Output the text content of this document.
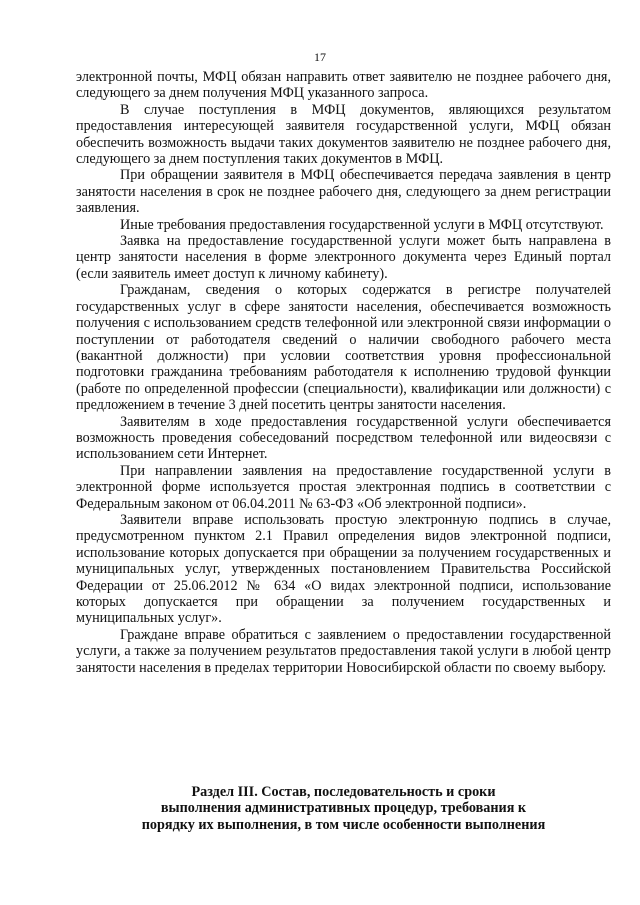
17

электронной почты, МФЦ обязан направить ответ заявителю не позднее рабочего дня, следующего за днем получения МФЦ указанного запроса.

В случае поступления в МФЦ документов, являющихся результатом предоставления интересующей заявителя государственной услуги, МФЦ обязан обеспечить возможность выдачи таких документов заявителю не позднее рабочего дня, следующего за днем поступления таких документов в МФЦ.

При обращении заявителя в МФЦ обеспечивается передача заявления в центр занятости населения в срок не позднее рабочего дня, следующего за днем регистрации заявления.

Иные требования предоставления государственной услуги в МФЦ отсутствуют.

Заявка на предоставление государственной услуги может быть направлена в центр занятости населения в форме электронного документа через Единый портал (если заявитель имеет доступ к личному кабинету).

Гражданам, сведения о которых содержатся в регистре получателей государственных услуг в сфере занятости населения, обеспечивается возможность получения с использованием средств телефонной или электронной связи информации о поступлении от работодателя сведений о наличии свободного рабочего места (вакантной должности) при условии соответствия уровня профессиональной подготовки гражданина требованиям работодателя к исполнению трудовой функции (работе по определенной профессии (специальности), квалификации или должности) с предложением в течение 3 дней посетить центры занятости населения.

Заявителям в ходе предоставления государственной услуги обеспечивается возможность проведения собеседований посредством телефонной или видеосвязи с использованием сети Интернет.

При направлении заявления на предоставление государственной услуги в электронной форме используется простая электронная подпись в соответствии с Федеральным законом от 06.04.2011 № 63-ФЗ «Об электронной подписи».

Заявители вправе использовать простую электронную подпись в случае, предусмотренном пунктом 2.1 Правил определения видов электронной подписи, использование которых допускается при обращении за получением государственных и муниципальных услуг, утвержденных постановлением Правительства Российской Федерации от 25.06.2012 № 634 «О видах электронной подписи, использование которых допускается при обращении за получением государственных и муниципальных услуг».

Граждане вправе обратиться с заявлением о предоставлении государственной услуги, а также за получением результатов предоставления такой услуги в любой центр занятости населения в пределах территории Новосибирской области по своему выбору.

Раздел III. Состав, последовательность и сроки
выполнения административных процедур, требования к
порядку их выполнения, в том числе особенности выполнения
